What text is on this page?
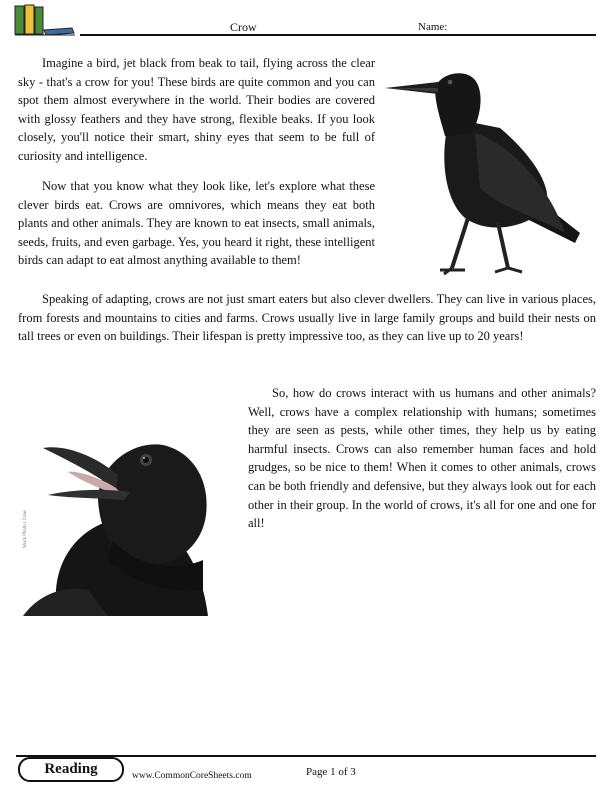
Crow	Name:

Imagine a bird, jet black from beak to tail, flying across the clear sky - that's a crow for you! These birds are quite common and you can spot them almost everywhere in the world. Their bodies are covered with glossy feathers and they have strong, flexible beaks. If you look closely, you'll notice their smart, shiny eyes that seem to be full of curiosity and intelligence.

Now that you know what they look like, let's explore what these clever birds eat. Crows are omnivores, which means they eat both plants and other animals. They are known to eat insects, small animals, seeds, fruits, and even garbage. Yes, you heard it right, these intelligent birds can adapt to eat almost anything available to them!

Speaking of adapting, crows are not just smart eaters but also clever dwellers. They can live in various places, from forests and mountains to cities and farms. Crows usually live in large family groups and build their nests on tall trees or even on buildings. Their lifespan is pretty impressive too, as they can live up to 20 years!

Stock Photo | Crow

So, how do crows interact with us humans and other animals? Well, crows have a complex relationship with humans; sometimes they are seen as pests, while other times, they help us by eating harmful insects. Crows can also remember human faces and hold grudges, so be nice to them! When it comes to other animals, crows can be both friendly and defensive, but they always look out for each other in their group. In the world of crows, it's all for one and one for all!

Reading	www.CommonCoreSheets.com	Page 1 of 3
